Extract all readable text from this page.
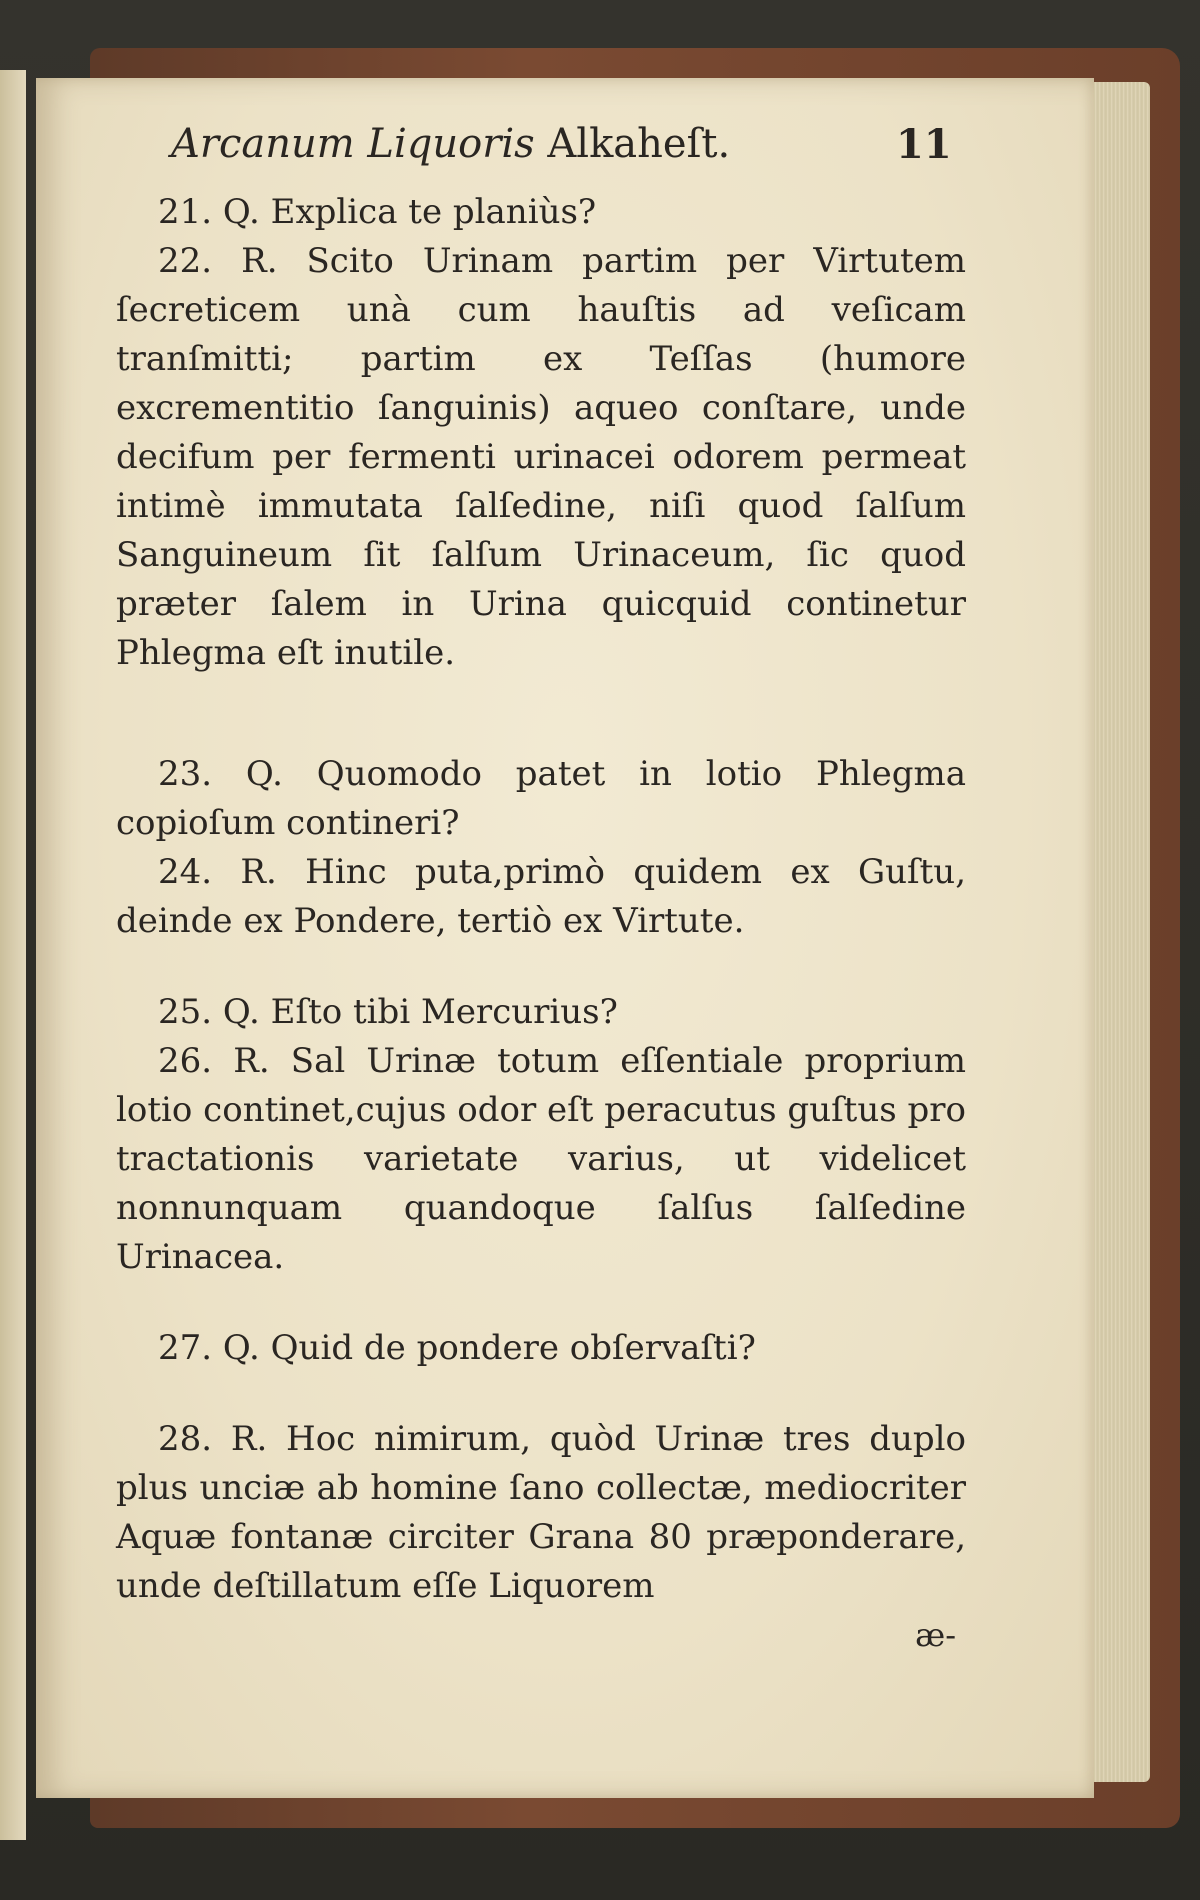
Arcanum Liquoris Alkaheſt.	11

21. Q. Explica te planiùs?

22. R. Scito Urinam partim per Virtutem ſecreticem unà cum hauſtis ad veſicam tranſmitti; partim ex Teſſas (humore excrementitio ſanguinis) aqueo conſtare, unde decifum per fermenti urinacei odorem permeat intimè immutata ſalſedine, niſi quod ſalſum Sanguineum ſit ſalſum Urinaceum, ſic quod præter ſalem in Urina quicquid continetur Phlegma eſt inutile.

23. Q. Quomodo patet in lotio Phlegma copioſum contineri?

24. R. Hinc puta,primò quidem ex Guſtu, deinde ex Pondere, tertiò ex Virtute.

25. Q. Eſto tibi Mercurius?

26. R. Sal Urinæ totum eſſentiale proprium lotio continet,cujus odor eſt peracutus guſtus pro tractationis varietate varius, ut videlicet nonnunquam quandoque ſalſus ſalſedine Urinacea.

27. Q. Quid de pondere obſervaſti?

28. R. Hoc nimirum, quòd Urinæ tres duplo plus unciæ ab homine ſano collectæ, mediocriter Aquæ fontanæ circiter Grana 80 præponderare, unde deſtillatum eſſe Liquorem

æ-
